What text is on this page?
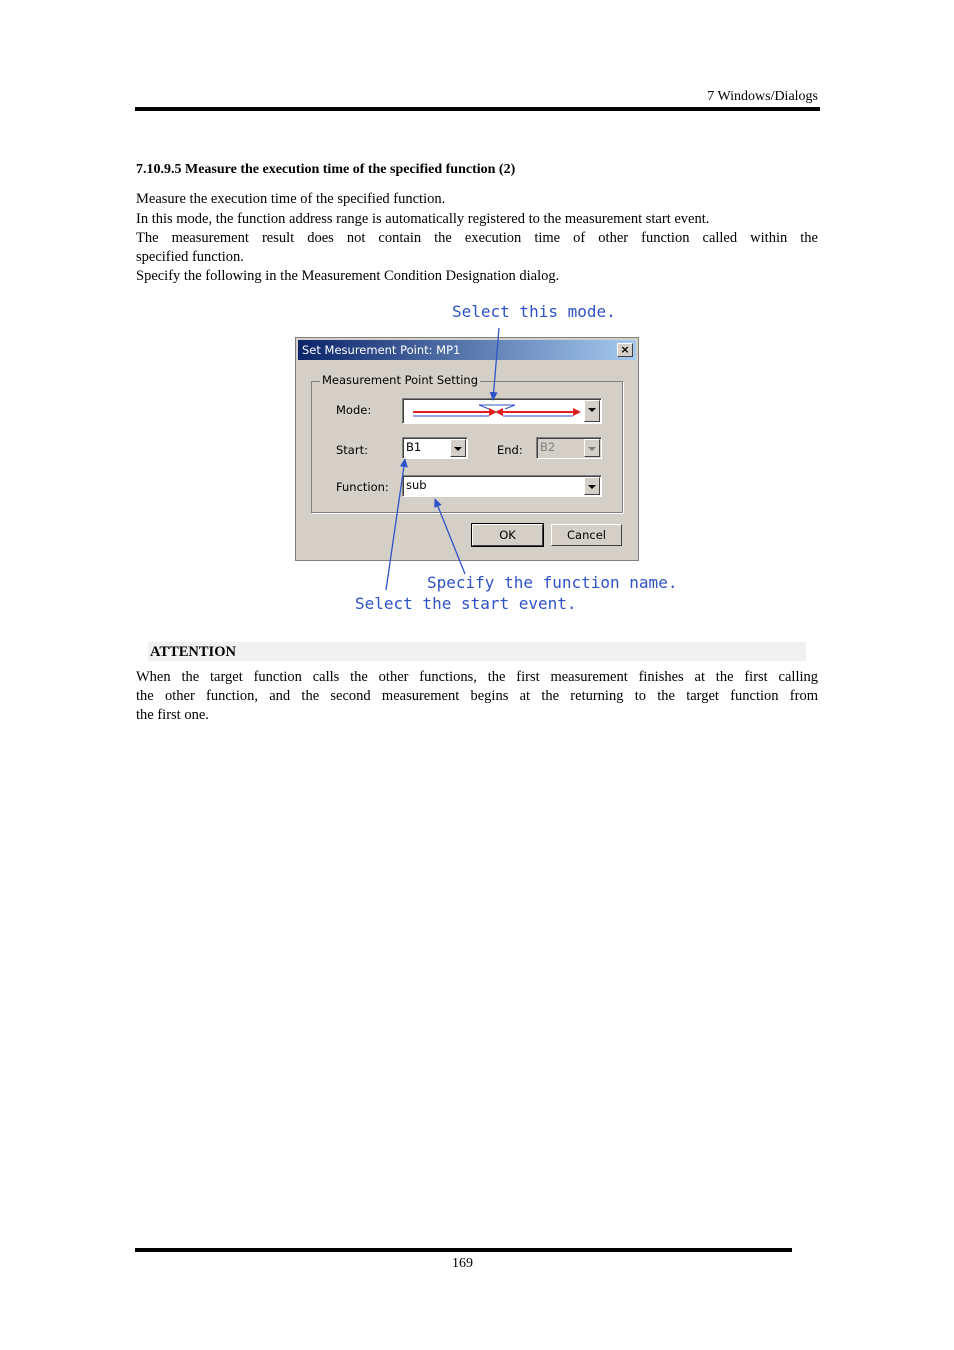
7 Windows/Dialogs
7.10.9.5 Measure the execution time of the specified function (2)
Measure the execution time of the specified function.
In this mode, the function address range is automatically registered to the measurement start event.
The measurement result does not contain the execution time of other function called within the
specified function.
Specify the following in the Measurement Condition Designation dialog.
Set Mesurement Point: MP1	×
Measurement Point Setting
Mode:
Start:	B1	End: B2
Function: sub
OK	Cancel
Select this mode.
Specify the function name.
Select the start event.
ATTENTION
When the target function calls the other functions, the first measurement finishes at the first calling
the other function, and the second measurement begins at the returning to the target function from
the first one.
169
